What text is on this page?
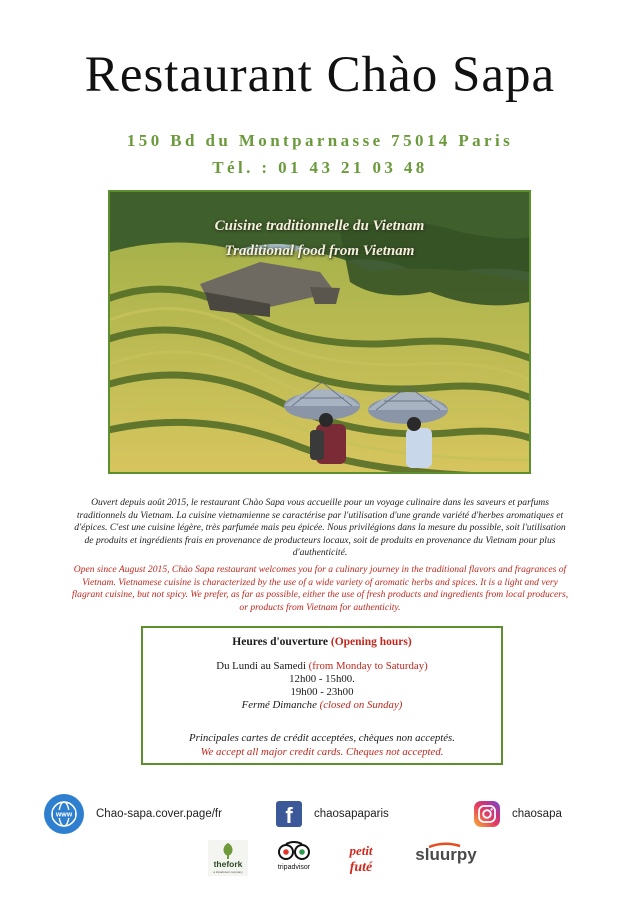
Restaurant Chào Sapa
150 Bd du Montparnasse 75014 Paris
Tél. : 01 43 21 03 48
Cuisine traditionnelle du Vietnam
Traditional food from Vietnam
Ouvert depuis août 2015, le restaurant Chào Sapa vous accueille pour un voyage culinaire dans les saveurs et parfums traditionnels du Vietnam. La cuisine vietnamienne se caractérise par l'utilisation d'une grande variété d'herbes aromatiques et d'épices. C'est une cuisine légère, très parfumée mais peu épicée. Nous privilégions dans la mesure du possible, soit l'utilisation de produits et ingrédients frais en provenance de producteurs locaux, soit de produits en provenance du Vietnam pour plus d'authenticité.
Open since August 2015, Chào Sapa restaurant welcomes you for a culinary journey in the traditional flavors and fragrances of Vietnam. Vietnamese cuisine is characterized by the use of a wide variety of aromatic herbs and spices. It is a light and very flagrant cuisine, but not spicy. We prefer, as far as possible, either the use of fresh products and ingredients from local producers, or products from Vietnam for authenticity.
Heures d'ouverture (Opening hours)
Du Lundi au Samedi (from Monday to Saturday)
12h00 - 15h00.
19h00 - 23h00
Fermé Dimanche (closed on Sunday)
Principales cartes de crédit acceptées, chèques non acceptés.
We accept all major credit cards. Cheques not accepted.
www Chao-sapa.cover.page/fr	f	chaosapaparis	chaosapa
thefork
a tripadvisor company
tripadvisor
petit
futé
sluurpy
